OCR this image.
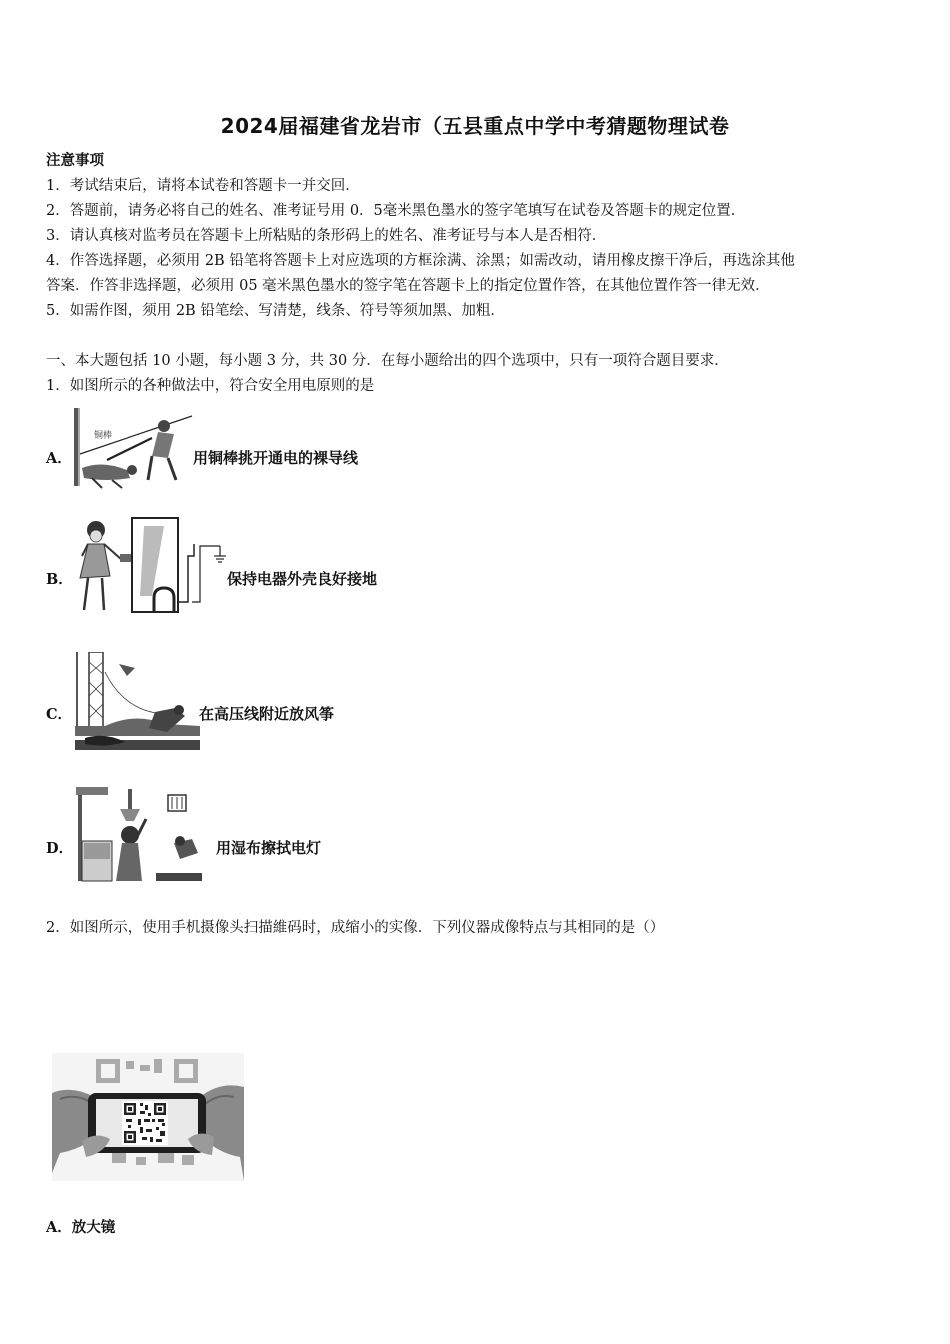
2024届福建省龙岩市（五县重点中学中考猜题物理试卷
注意事项
1．考试结束后，请将本试卷和答题卡一并交回．
2．答题前，请务必将自己的姓名、准考证号用 0．5毫米黑色墨水的签字笔填写在试卷及答题卡的规定位置．
3．请认真核对监考员在答题卡上所粘贴的条形码上的姓名、准考证号与本人是否相符．
4．作答选择题，必须用 2B 铅笔将答题卡上对应选项的方框涂满、涂黑；如需改动，请用橡皮擦干净后，再选涂其他
答案．作答非选择题，必须用 05 毫米黑色墨水的签字笔在答题卡上的指定位置作答，在其他位置作答一律无效．
5．如需作图，须用 2B 铅笔绘、写清楚，线条、符号等须加黑、加粗．
一、本大题包括 10 小题，每小题 3 分，共 30 分．在每小题给出的四个选项中，只有一项符合题目要求．
1．如图所示的各种做法中，符合安全用电原则的是
A．
铜棒
用铜棒挑开通电的裸导线
B．	保持电器外壳良好接地
C．	在高压线附近放风筝
D．	用湿布擦拭电灯
2．如图所示，使用手机摄像头扫描維码时，成缩小的实像．下列仪器成像特点与其相同的是（）
A．放大镜
